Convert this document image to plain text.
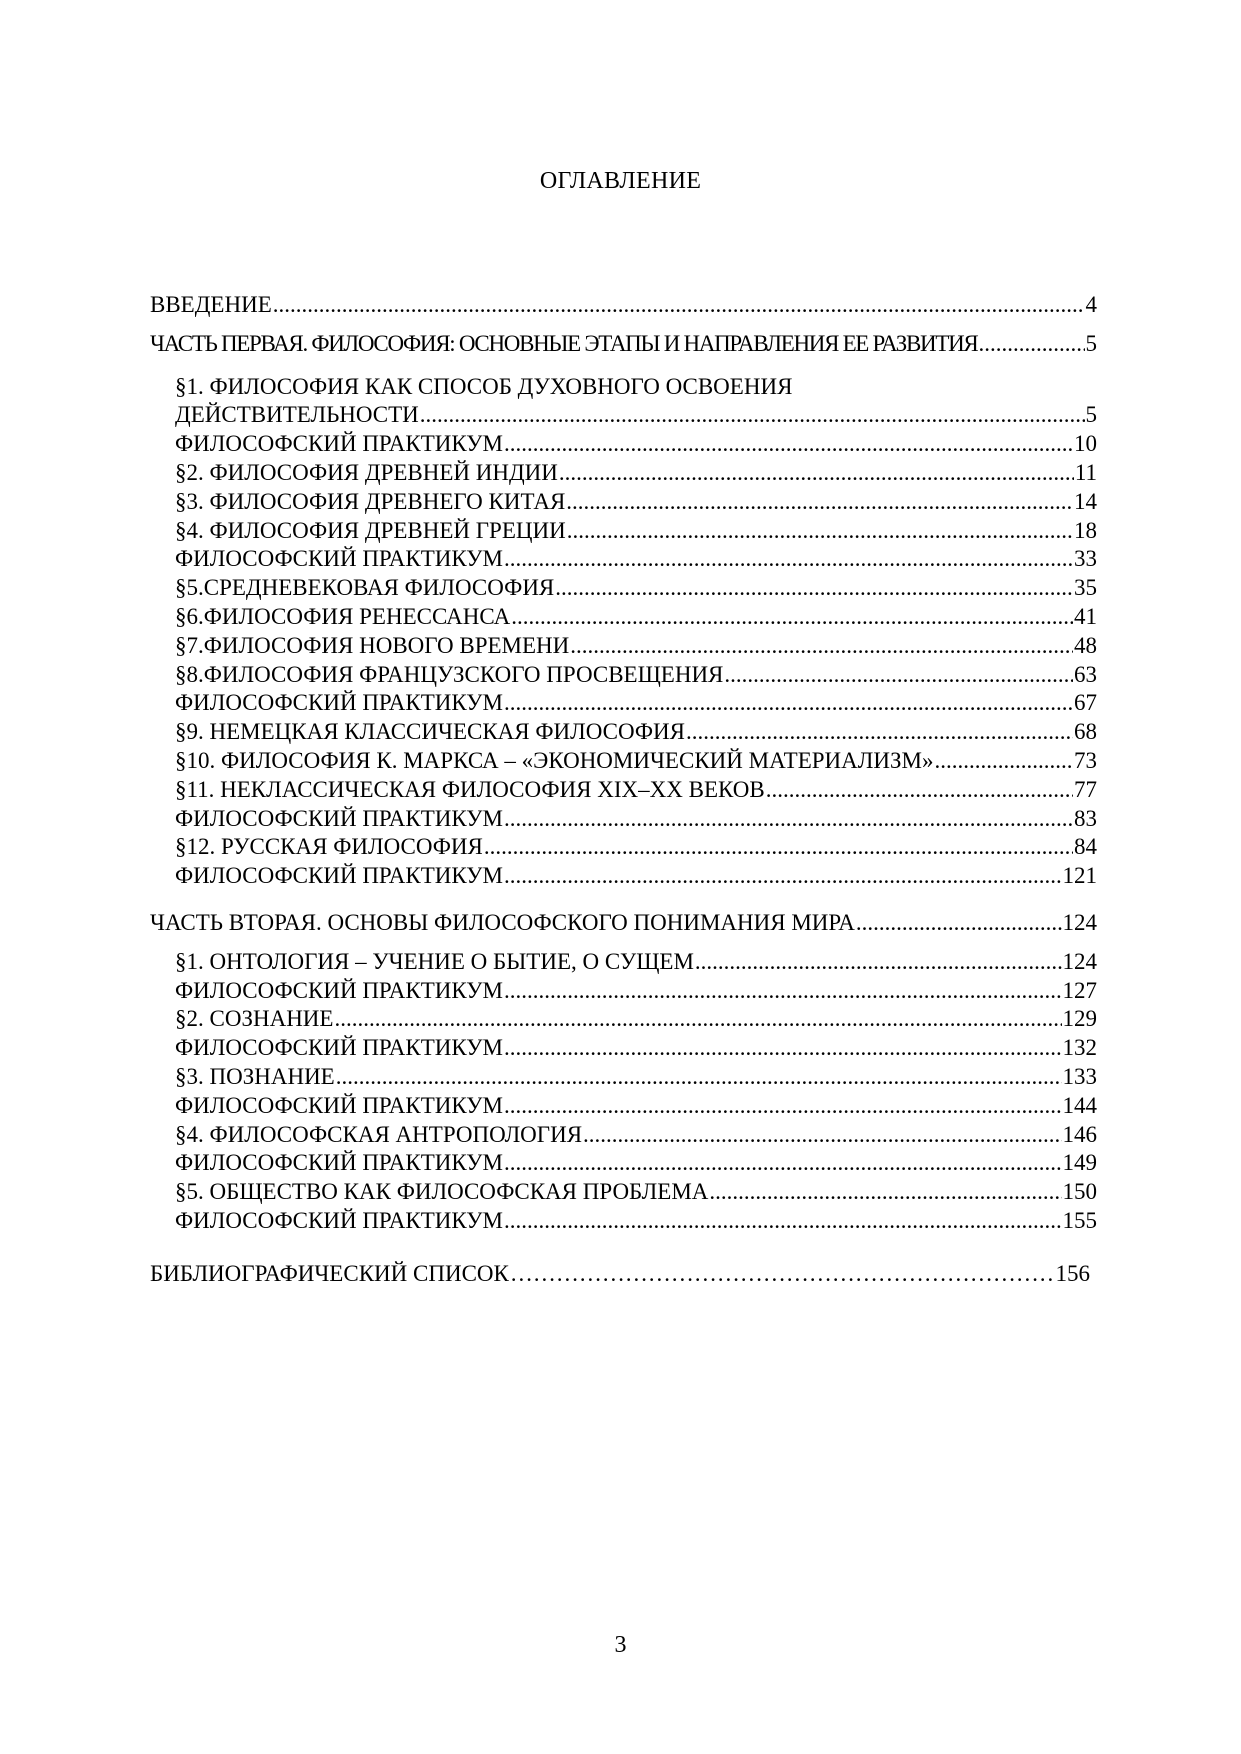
ОГЛАВЛЕНИЕ
ВВЕДЕНИЕ .....	4
ЧАСТЬ ПЕРВАЯ. ФИЛОСОФИЯ: ОСНОВНЫЕ ЭТАПЫ И НАПРАВЛЕНИЯ ЕЕ РАЗВИТИЯ .....	5
§1. ФИЛОСОФИЯ КАК СПОСОБ ДУХОВНОГО ОСВОЕНИЯ
ДЕЙСТВИТЕЛЬНОСТИ .....	5
ФИЛОСОФСКИЙ ПРАКТИКУМ .....	10
§2. ФИЛОСОФИЯ ДРЕВНЕЙ ИНДИИ .....	11
§3. ФИЛОСОФИЯ ДРЕВНЕГО КИТАЯ .....	14
§4. ФИЛОСОФИЯ ДРЕВНЕЙ ГРЕЦИИ .....	18
ФИЛОСОФСКИЙ ПРАКТИКУМ .....	33
§5.СРЕДНЕВЕКОВАЯ ФИЛОСОФИЯ .....	35
§6.ФИЛОСОФИЯ РЕНЕССАНСА .....	41
§7.ФИЛОСОФИЯ НОВОГО ВРЕМЕНИ .....	48
§8.ФИЛОСОФИЯ ФРАНЦУЗСКОГО ПРОСВЕЩЕНИЯ .....	63
ФИЛОСОФСКИЙ ПРАКТИКУМ .....	67
§9. НЕМЕЦКАЯ КЛАССИЧЕСКАЯ ФИЛОСОФИЯ .....	68
§10. ФИЛОСОФИЯ К. МАРКСА – «ЭКОНОМИЧЕСКИЙ МАТЕРИАЛИЗМ» .....	73
§11. НЕКЛАССИЧЕСКАЯ ФИЛОСОФИЯ XIX–XX ВЕКОВ .....	77
ФИЛОСОФСКИЙ ПРАКТИКУМ .....	83
§12. РУССКАЯ ФИЛОСОФИЯ .....	84
ФИЛОСОФСКИЙ ПРАКТИКУМ .....	121
ЧАСТЬ ВТОРАЯ. ОСНОВЫ ФИЛОСОФСКОГО ПОНИМАНИЯ МИРА .....	124
§1. ОНТОЛОГИЯ – УЧЕНИЕ О БЫТИЕ, О СУЩЕМ .....	124
ФИЛОСОФСКИЙ ПРАКТИКУМ .....	127
§2. СОЗНАНИЕ .....	129
ФИЛОСОФСКИЙ ПРАКТИКУМ .....	132
§3. ПОЗНАНИЕ .....	133
ФИЛОСОФСКИЙ ПРАКТИКУМ .....	144
§4. ФИЛОСОФСКАЯ АНТРОПОЛОГИЯ .....	146
ФИЛОСОФСКИЙ ПРАКТИКУМ .....	149
§5. ОБЩЕСТВО КАК ФИЛОСОФСКАЯ ПРОБЛЕМА .....	150
ФИЛОСОФСКИЙ ПРАКТИКУМ .....	155
БИБЛИОГРАФИЧЕСКИЙ СПИСОК ……………………………………………………………………………………………………………………………………………………	156
3
